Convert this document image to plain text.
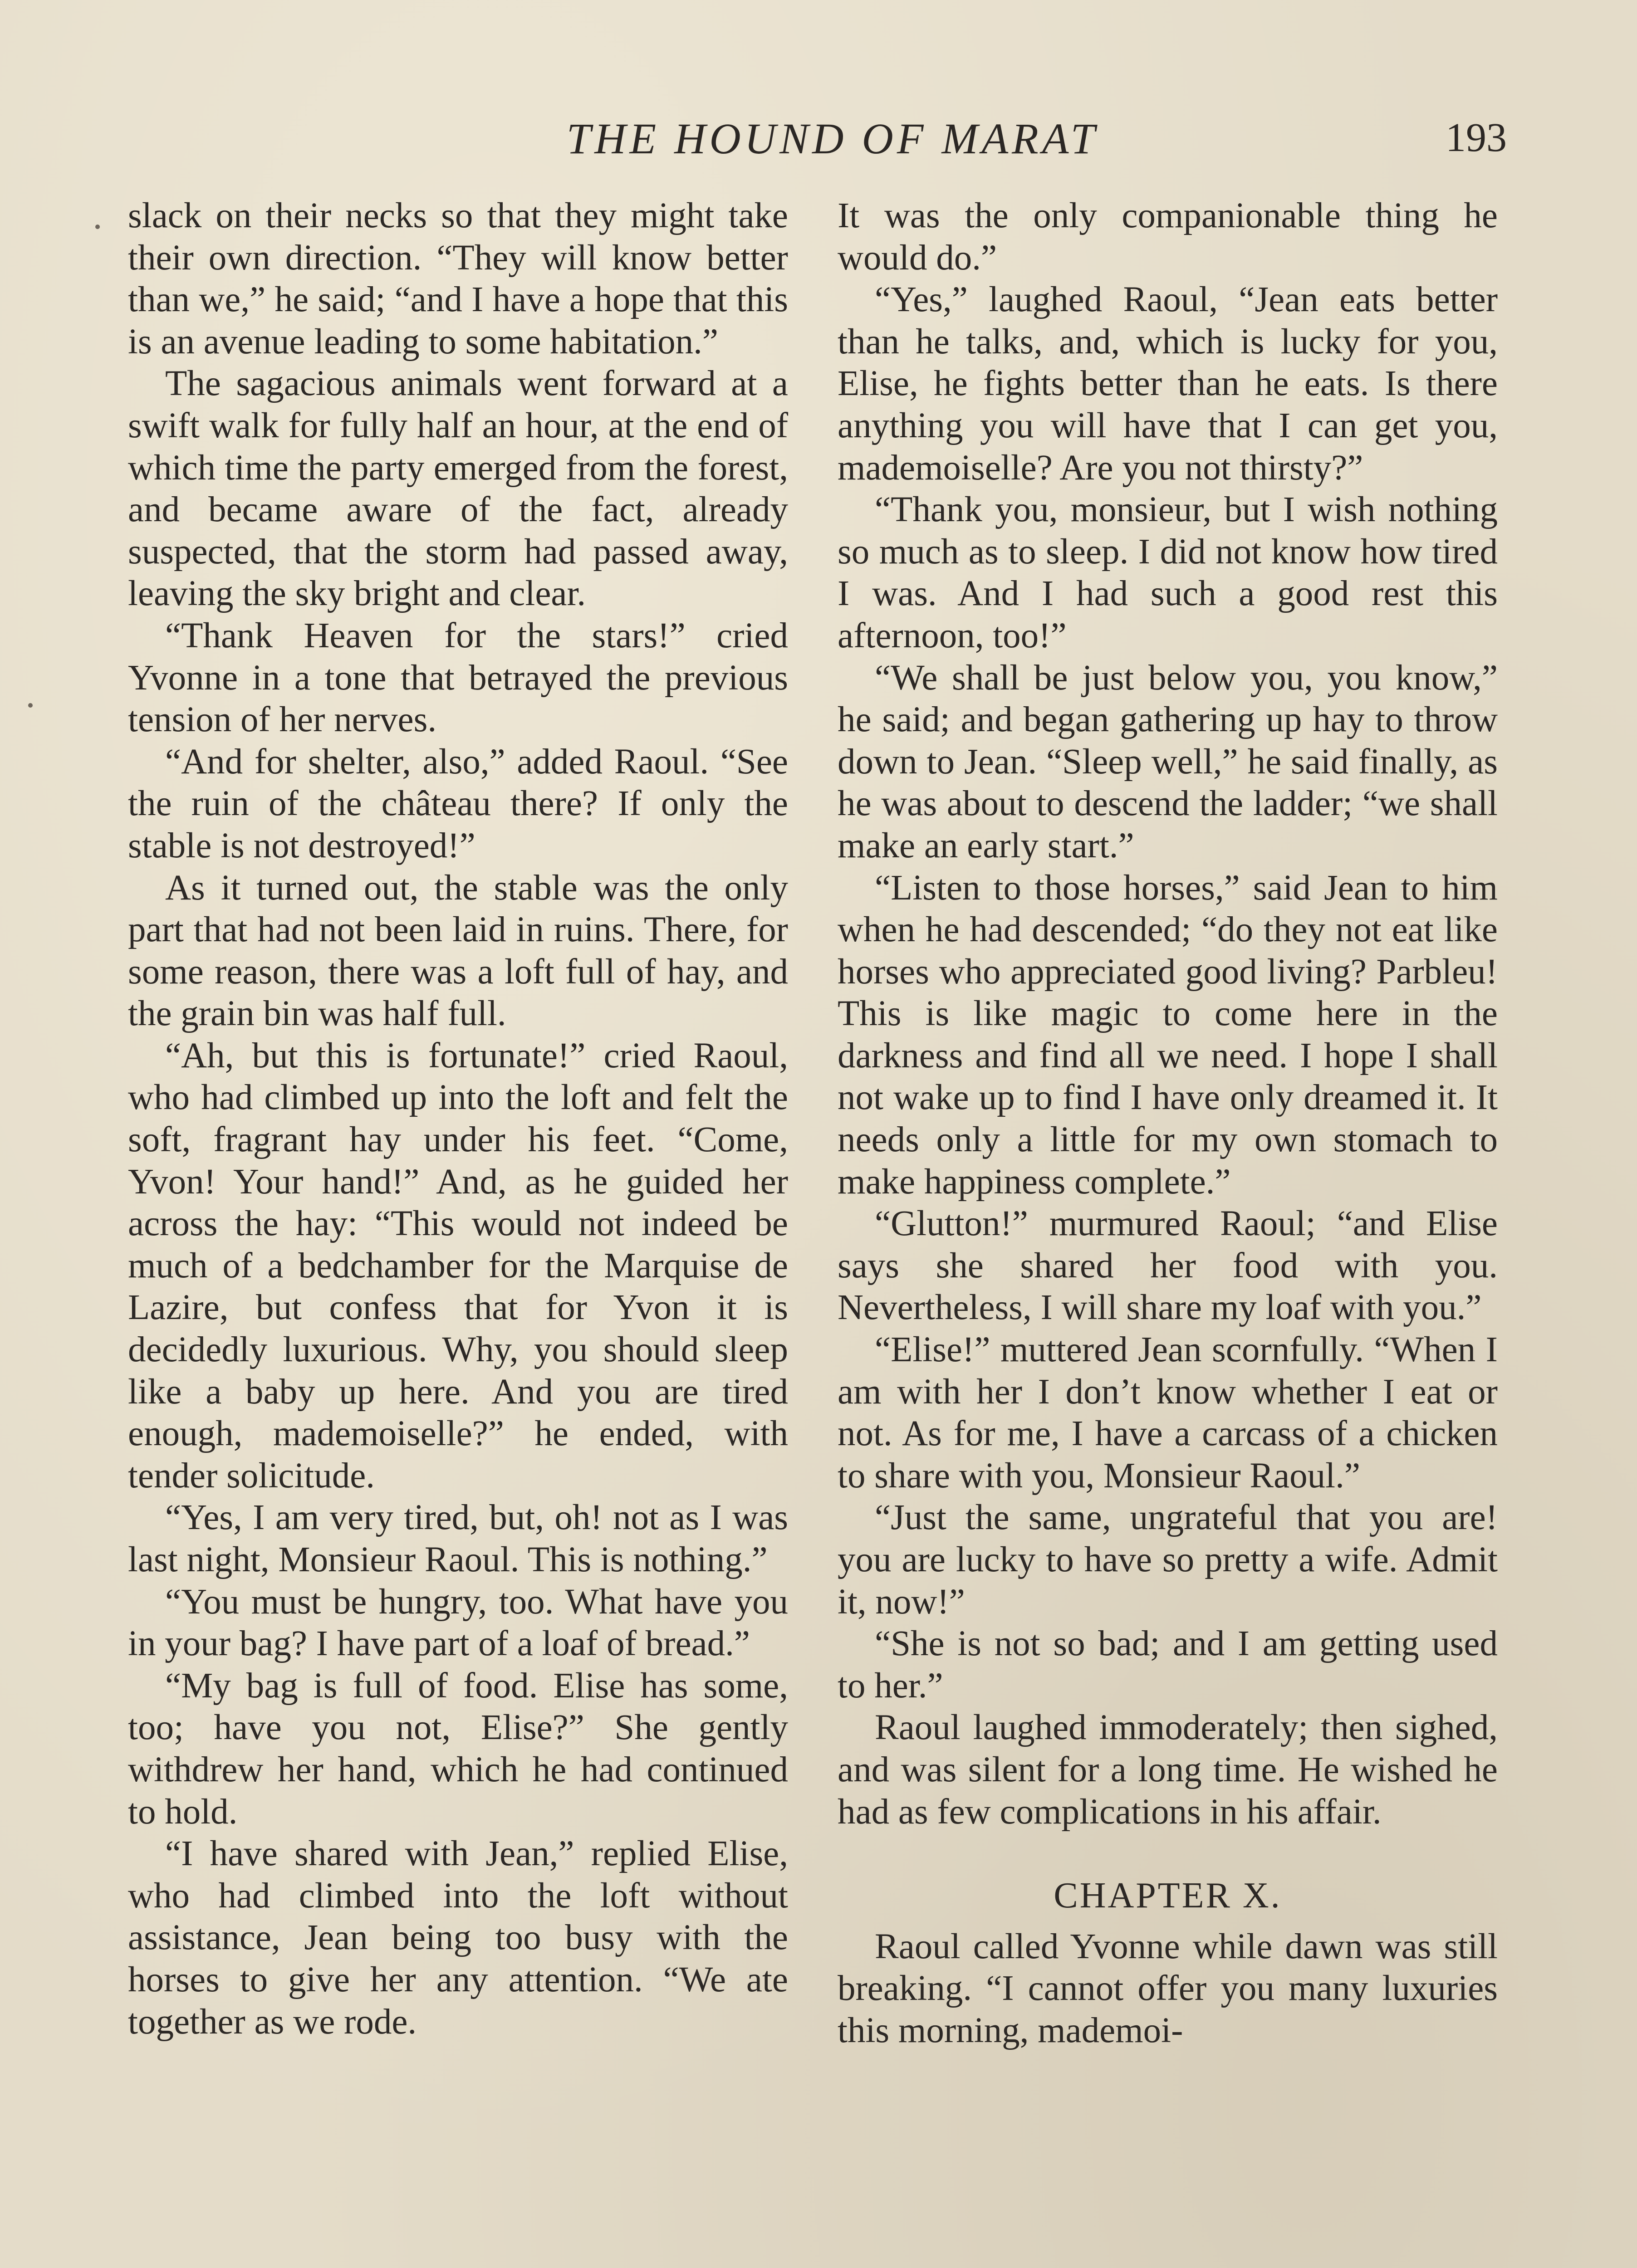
THE HOUND OF MARAT	193

slack on their necks so that they might take their own direction. “They will know better than we,” he said; “and I have a hope that this is an avenue leading to some habitation.”

The sagacious animals went forward at a swift walk for fully half an hour, at the end of which time the party emerged from the forest, and became aware of the fact, already suspected, that the storm had passed away, leaving the sky bright and clear.

“Thank Heaven for the stars!” cried Yvonne in a tone that betrayed the previous tension of her nerves.

“And for shelter, also,” added Raoul. “See the ruin of the château there? If only the stable is not destroyed!”

As it turned out, the stable was the only part that had not been laid in ruins. There, for some reason, there was a loft full of hay, and the grain bin was half full.

“Ah, but this is fortunate!” cried Raoul, who had climbed up into the loft and felt the soft, fragrant hay under his feet. “Come, Yvon! Your hand!” And, as he guided her across the hay: “This would not indeed be much of a bedchamber for the Marquise de Lazire, but confess that for Yvon it is decidedly luxurious. Why, you should sleep like a baby up here. And you are tired enough, mademoiselle?” he ended, with tender solicitude.

“Yes, I am very tired, but, oh! not as I was last night, Monsieur Raoul. This is nothing.”

“You must be hungry, too. What have you in your bag? I have part of a loaf of bread.”

“My bag is full of food. Elise has some, too; have you not, Elise?” She gently withdrew her hand, which he had continued to hold.

“I have shared with Jean,” replied Elise, who had climbed into the loft without assistance, Jean being too busy with the horses to give her any attention. “We ate together as we rode.

It was the only companionable thing he would do.”

“Yes,” laughed Raoul, “Jean eats better than he talks, and, which is lucky for you, Elise, he fights better than he eats. Is there anything you will have that I can get you, mademoiselle? Are you not thirsty?”

“Thank you, monsieur, but I wish nothing so much as to sleep. I did not know how tired I was. And I had such a good rest this afternoon, too!”

“We shall be just below you, you know,” he said; and began gathering up hay to throw down to Jean. “Sleep well,” he said finally, as he was about to descend the ladder; “we shall make an early start.”

“Listen to those horses,” said Jean to him when he had descended; “do they not eat like horses who appreciated good living? Parbleu! This is like magic to come here in the darkness and find all we need. I hope I shall not wake up to find I have only dreamed it. It needs only a little for my own stomach to make happiness complete.”

“Glutton!” murmured Raoul; “and Elise says she shared her food with you. Nevertheless, I will share my loaf with you.”

“Elise!” muttered Jean scornfully. “When I am with her I don’t know whether I eat or not. As for me, I have a carcass of a chicken to share with you, Monsieur Raoul.”

“Just the same, ungrateful that you are! you are lucky to have so pretty a wife. Admit it, now!”

“She is not so bad; and I am getting used to her.”

Raoul laughed immoderately; then sighed, and was silent for a long time. He wished he had as few complications in his affair.

CHAPTER X.

Raoul called Yvonne while dawn was still breaking. “I cannot offer you many luxuries this morning, mademoi-
